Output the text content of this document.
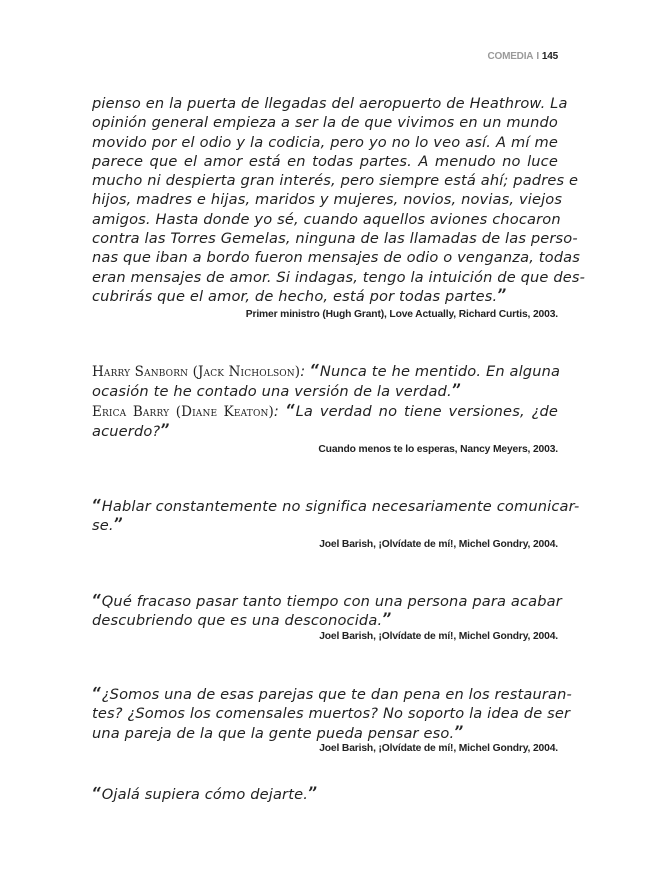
COMEDIA I 145
pienso en la puerta de llegadas del aeropuerto de Heathrow. La
opinión general empieza a ser la de que vivimos en un mundo
movido por el odio y la codicia, pero yo no lo veo así. A mí me
parece que el amor está en todas partes. A menudo no luce
mucho ni despierta gran interés, pero siempre está ahí; padres e
hijos, madres e hijas, maridos y mujeres, novios, novias, viejos
amigos. Hasta donde yo sé, cuando aquellos aviones chocaron
contra las Torres Gemelas, ninguna de las llamadas de las perso-
nas que iban a bordo fueron mensajes de odio o venganza, todas
eran mensajes de amor. Si indagas, tengo la intuición de que des-
cubrirás que el amor, de hecho, está por todas partes.”
Primer ministro (Hugh Grant), Love Actually, Richard Curtis, 2003.
Harry Sanborn (Jack Nicholson): “ Nunca te he mentido. En alguna
ocasión te he contado una versión de la verdad.”
Erica Barry (Diane Keaton): “ La verdad no tiene versiones, ¿de
acuerdo?”
Cuando menos te lo esperas, Nancy Meyers, 2003.
“ Hablar constantemente no significa necesariamente comunicar-
se.”
Joel Barish, ¡Olvídate de mí!, Michel Gondry, 2004.
“ Qué fracaso pasar tanto tiempo con una persona para acabar
descubriendo que es una desconocida.”
Joel Barish, ¡Olvídate de mí!, Michel Gondry, 2004.
“ ¿Somos una de esas parejas que te dan pena en los restauran-
tes? ¿Somos los comensales muertos? No soporto la idea de ser
una pareja de la que la gente pueda pensar eso.”
Joel Barish, ¡Olvídate de mí!, Michel Gondry, 2004.
“ Ojalá supiera cómo dejarte.”
